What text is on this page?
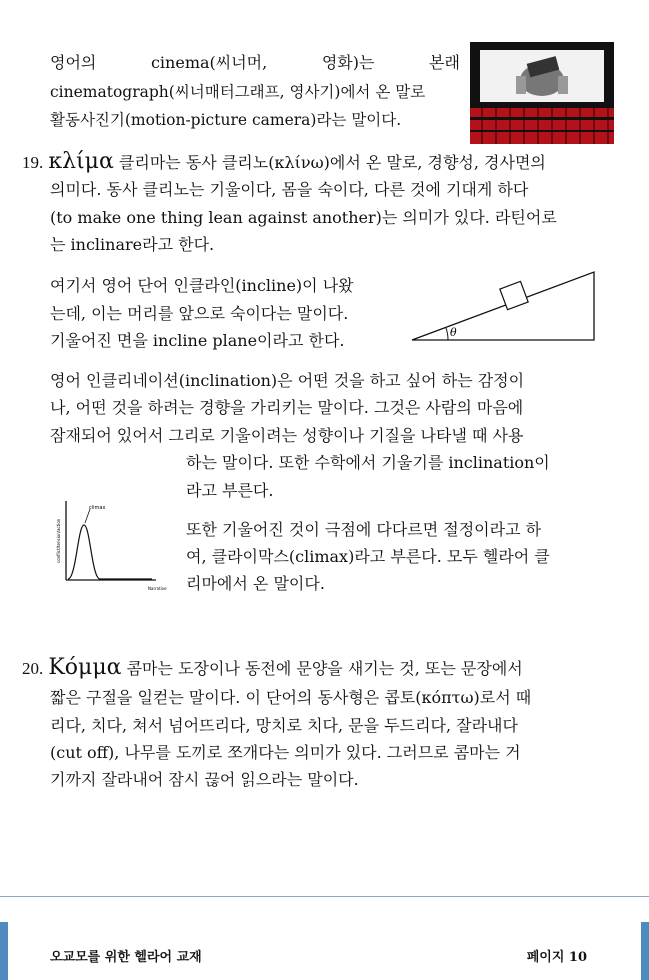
영어의	cinema(씨너머,	영화)는	본래
cinematograph(씨너매터그래프, 영사기)에서 온 말로
활동사진기(motion-picture camera)라는 말이다.
19. κλίμα 클리마는 동사 클리노(κλίνω)에서 온 말로, 경향성, 경사면의
의미다. 동사 클리노는 기울이다, 몸을 숙이다, 다른 것에 기대게 하다
(to make one thing lean against another)는 의미가 있다. 라틴어로
는 inclinare라고 한다.
여기서 영어 단어 인클라인(incline)이 나왔
는데, 이는 머리를 앞으로 숙이다는 말이다.
기울어진 면을 incline plane이라고 한다.	θ
영어 인클리네이션(inclination)은 어떤 것을 하고 싶어 하는 감정이
나, 어떤 것을 하려는 경향을 가리키는 말이다. 그것은 사람의 마음에
잠재되어 있어서 그리로 기울이려는 성향이나 기질을 나타낼 때 사용
하는 말이다. 또한 수학에서 기울기를 inclination이
라고 부른다.
climax
conflict/tension/action
Narrative
또한 기울어진 것이 극점에 다다르면 절정이라고 하
여, 클라이막스(climax)라고 부른다. 모두 헬라어 클
리마에서 온 말이다.
20. Κόμμα 콤마는 도장이나 동전에 문양을 새기는 것, 또는 문장에서
짧은 구절을 일컫는 말이다. 이 단어의 동사형은 콥토(κόπτω)로서 때
리다, 치다, 쳐서 넘어뜨리다, 망치로 치다, 문을 두드리다, 잘라내다
(cut off), 나무를 도끼로 쪼개다는 의미가 있다. 그러므로 콤마는 거
기까지 잘라내어 잠시 끊어 읽으라는 말이다.
오교모를 위한 헬라어 교재	페이지 10
